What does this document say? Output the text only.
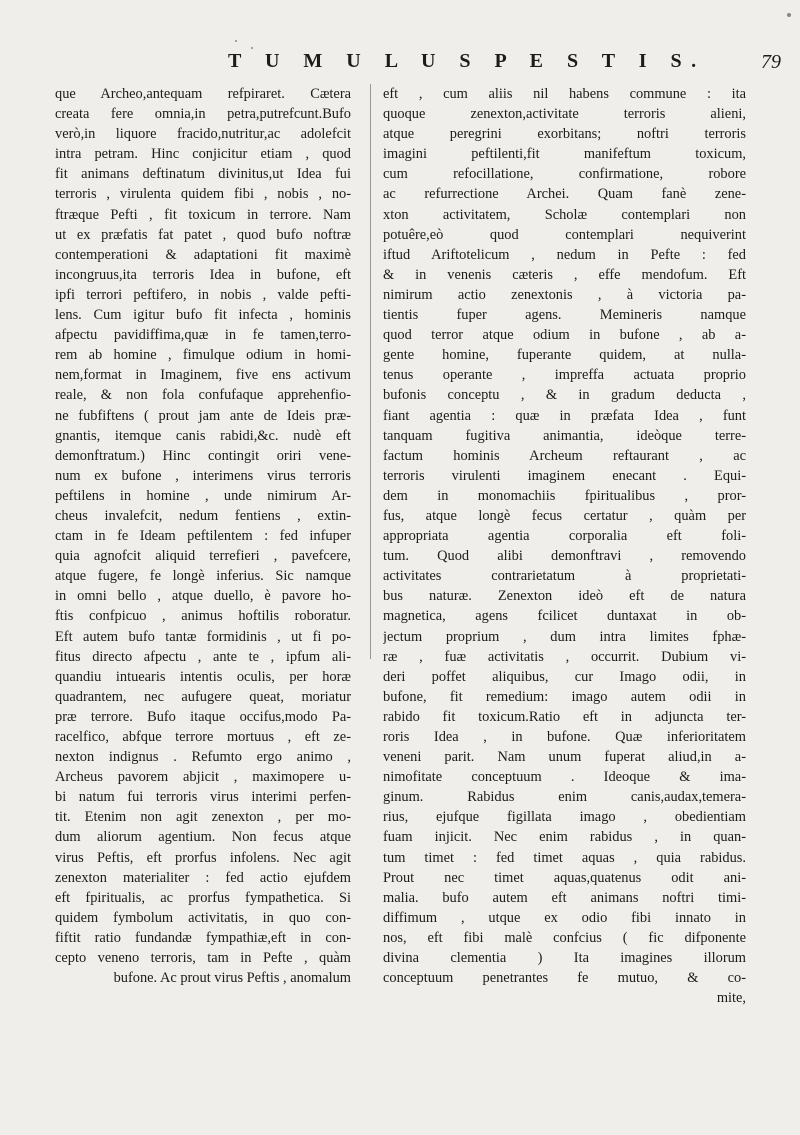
T U M U L U S P E S T I S.	79
que Archeo,antequam refpiraret. Cætera
creata fere omnia,in petra,putrefcunt.Bufo
verò,in liquore fracido,nutritur,ac adolefcit
intra petram. Hinc conjicitur etiam , quod
fit animans deftinatum divinitus,ut Idea fui
terroris , virulenta quidem fibi , nobis , no-
ftræque Pefti , fit toxicum in terrore. Nam
ut ex præfatis fat patet , quod bufo noftræ
contemperationi & adaptationi fit maximè
incongruus,ita terroris Idea in bufone, eft
ipfi terrori peftifero, in nobis , valde pefti-
lens. Cum igitur bufo fit infecta , hominis
afpectu pavidiffima,quæ in fe tamen,terro-
rem ab homine , fimulque odium in homi-
nem,format in Imaginem, five ens activum
reale, & non fola confufaque apprehenfio-
ne fubfiftens ( prout jam ante de Ideis præ-
gnantis, itemque canis rabidi,&c. nudè eft
demonftratum.) Hinc contingit oriri vene-
num ex bufone , interimens virus terroris
peftilens in homine , unde nimirum Ar-
cheus invalefcit, nedum fentiens , extin-
ctam in fe Ideam peftilentem : fed infuper
quia agnofcit aliquid terrefieri , pavefcere,
atque fugere, fe longè inferius. Sic namque
in omni bello , atque duello, è pavore ho-
ftis confpicuo , animus hoftilis roboratur.
Eft autem bufo tantæ formidinis , ut fi po-
fitus directo afpectu , ante te , ipfum ali-
quandiu intuearis intentis oculis, per horæ
quadrantem, nec aufugere queat, moriatur
præ terrore. Bufo itaque occifus,modo Pa-
racelfico, abfque terrore mortuus , eft ze-
nexton indignus . Refumto ergo animo ,
Archeus pavorem abjicit , maximopere u-
bi natum fui terroris virus interimi perfen-
tit. Etenim non agit zenexton , per mo-
dum aliorum agentium. Non fecus atque
virus Peftis, eft prorfus infolens. Nec agit
zenexton materialiter : fed actio ejufdem
eft fpiritualis, ac prorfus fympathetica. Si
quidem fymbolum activitatis, in quo con-
fiftit ratio fundandæ fympathiæ,eft in con-
cepto veneno terroris, tam in Pefte , quàm
bufone. Ac prout virus Peftis , anomalum
eft , cum aliis nil habens commune : ita
quoque zenexton,activitate terroris alieni,
atque peregrini exorbitans; noftri terroris
imagini peftilenti,fit manifeftum toxicum,
cum refocillatione, confirmatione, robore
ac refurrectione Archei. Quam fanè zene-
xton activitatem, Scholæ contemplari non
potuêre,eò quod contemplari nequiverint
iftud Ariftotelicum , nedum in Pefte : fed
& in venenis cæteris , effe mendofum. Eft
nimirum actio zenextonis , à victoria pa-
tientis fuper agens. Memineris namque
quod terror atque odium in bufone , ab a-
gente homine, fuperante quidem, at nulla-
tenus operante , impreffa actuata proprio
bufonis conceptu , & in gradum deducta ,
fiant agentia : quæ in præfata Idea , funt
tanquam fugitiva animantia, ideòque terre-
factum hominis Archeum reftaurant , ac
terroris virulenti imaginem enecant . Equi-
dem in monomachiis fpiritualibus , pror-
fus, atque longè fecus certatur , quàm per
appropriata agentia corporalia eft foli-
tum. Quod alibi demonftravi , removendo
activitates contrarietatum à proprietati-
bus naturæ. Zenexton ideò eft de natura
magnetica, agens fcilicet duntaxat in ob-
jectum proprium , dum intra limites fphæ-
ræ , fuæ activitatis , occurrit. Dubium vi-
deri poffet aliquibus, cur Imago odii, in
bufone, fit remedium: imago autem odii in
rabido fit toxicum.Ratio eft in adjuncta ter-
roris Idea , in bufone. Quæ inferioritatem
veneni parit. Nam unum fuperat aliud,in a-
nimofitate conceptuum . Ideoque & ima-
ginum. Rabidus enim canis,audax,temera-
rius, ejufque figillata imago , obedientiam
fuam injicit. Nec enim rabidus , in quan-
tum timet : fed timet aquas , quia rabidus.
Prout nec timet aquas,quatenus odit ani-
malia. bufo autem eft animans noftri timi-
diffimum , utque ex odio fibi innato in
nos, eft fibi malè confcius ( fic difponente
divina clementia ) Ita imagines illorum
conceptuum penetrantes fe mutuo, & co-
mite,
